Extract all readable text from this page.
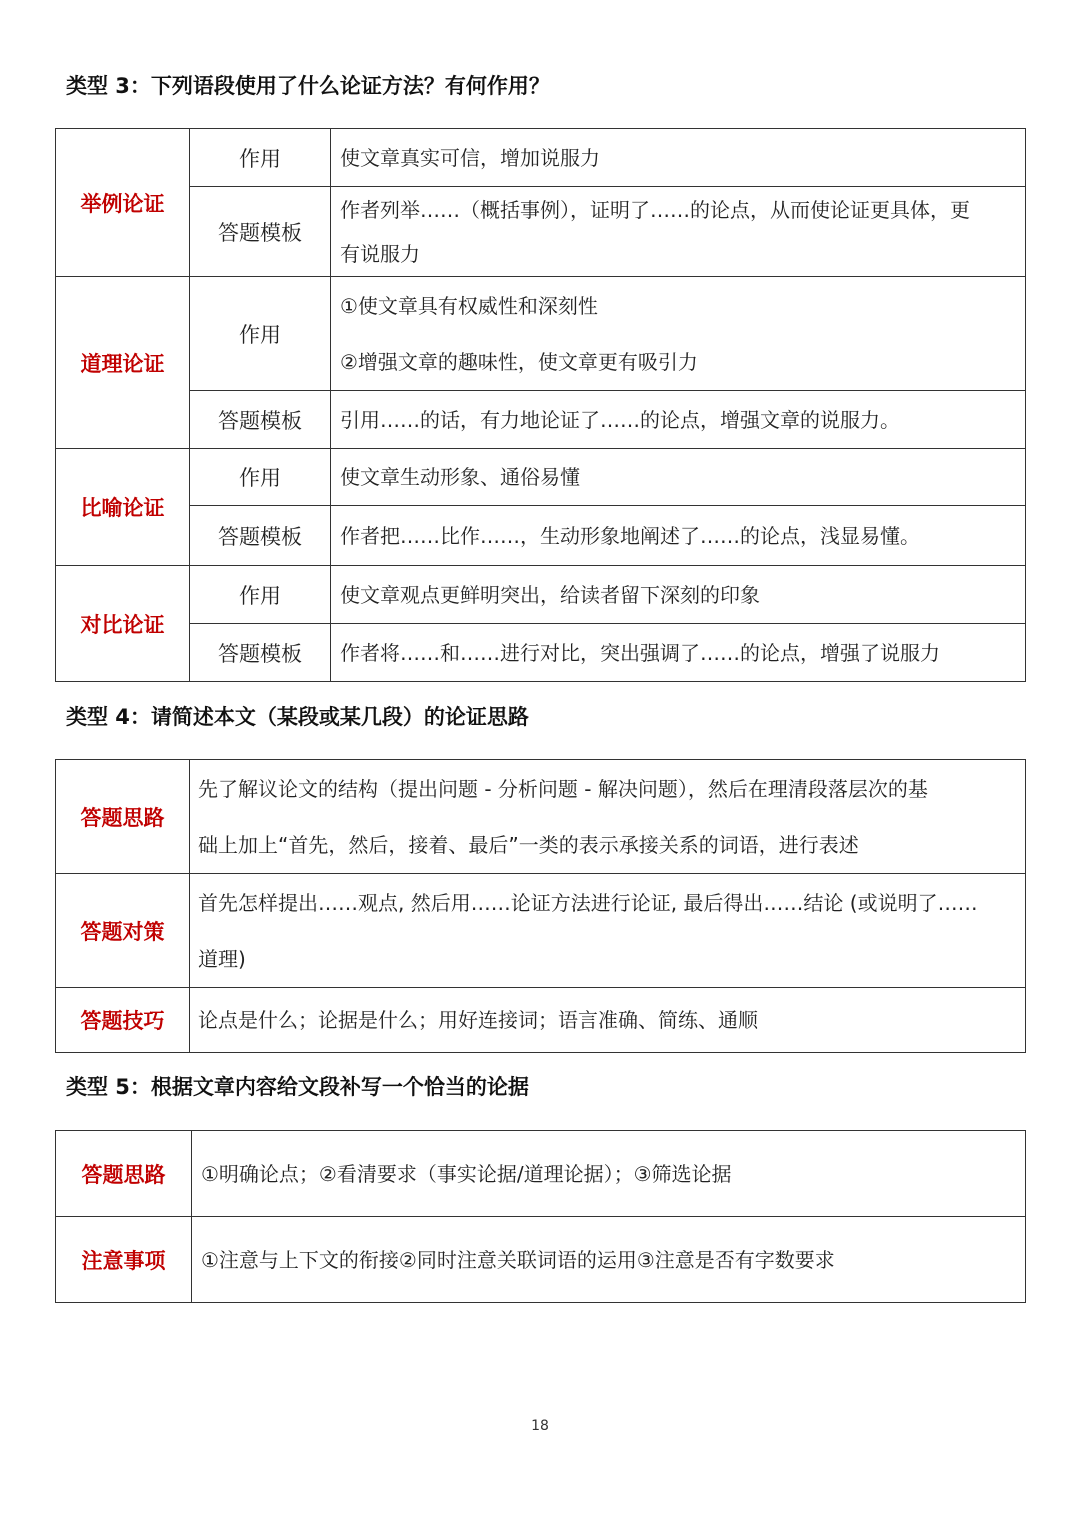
类型 3：下列语段使用了什么论证方法？有何作用？
举例论证	作用	使文章真实可信，增加说服力

	答题模板	作者列举……（概括事例），证明了……的论点，从而使论证更具体，更
有说服力

道理论证	作用	①使文章具有权威性和深刻性
②增强文章的趣味性，使文章更有吸引力

	答题模板	引用……的话，有力地论证了……的论点，增强文章的说服力。

比喻论证	作用	使文章生动形象、通俗易懂

	答题模板	作者把……比作……，生动形象地阐述了……的论点，浅显易懂。

对比论证	作用	使文章观点更鲜明突出，给读者留下深刻的印象

	答题模板	作者将……和……进行对比，突出强调了……的论点，增强了说服力
类型 4：请简述本文（某段或某几段）的论证思路
答题思路	先了解议论文的结构（提出问题 - 分析问题 - 解决问题），然后在理清段落层次的基
础上加上“首先，然后，接着、最后”一类的表示承接关系的词语，进行表述

答题对策	首先怎样提出……观点, 然后用……论证方法进行论证, 最后得出……结论 (或说明了……
道理)

答题技巧	论点是什么；论据是什么；用好连接词；语言准确、简练、通顺
类型 5：根据文章内容给文段补写一个恰当的论据
答题思路	①明确论点；②看清要求（事实论据/道理论据）；③筛选论据

注意事项	①注意与上下文的衔接②同时注意关联词语的运用③注意是否有字数要求
18
